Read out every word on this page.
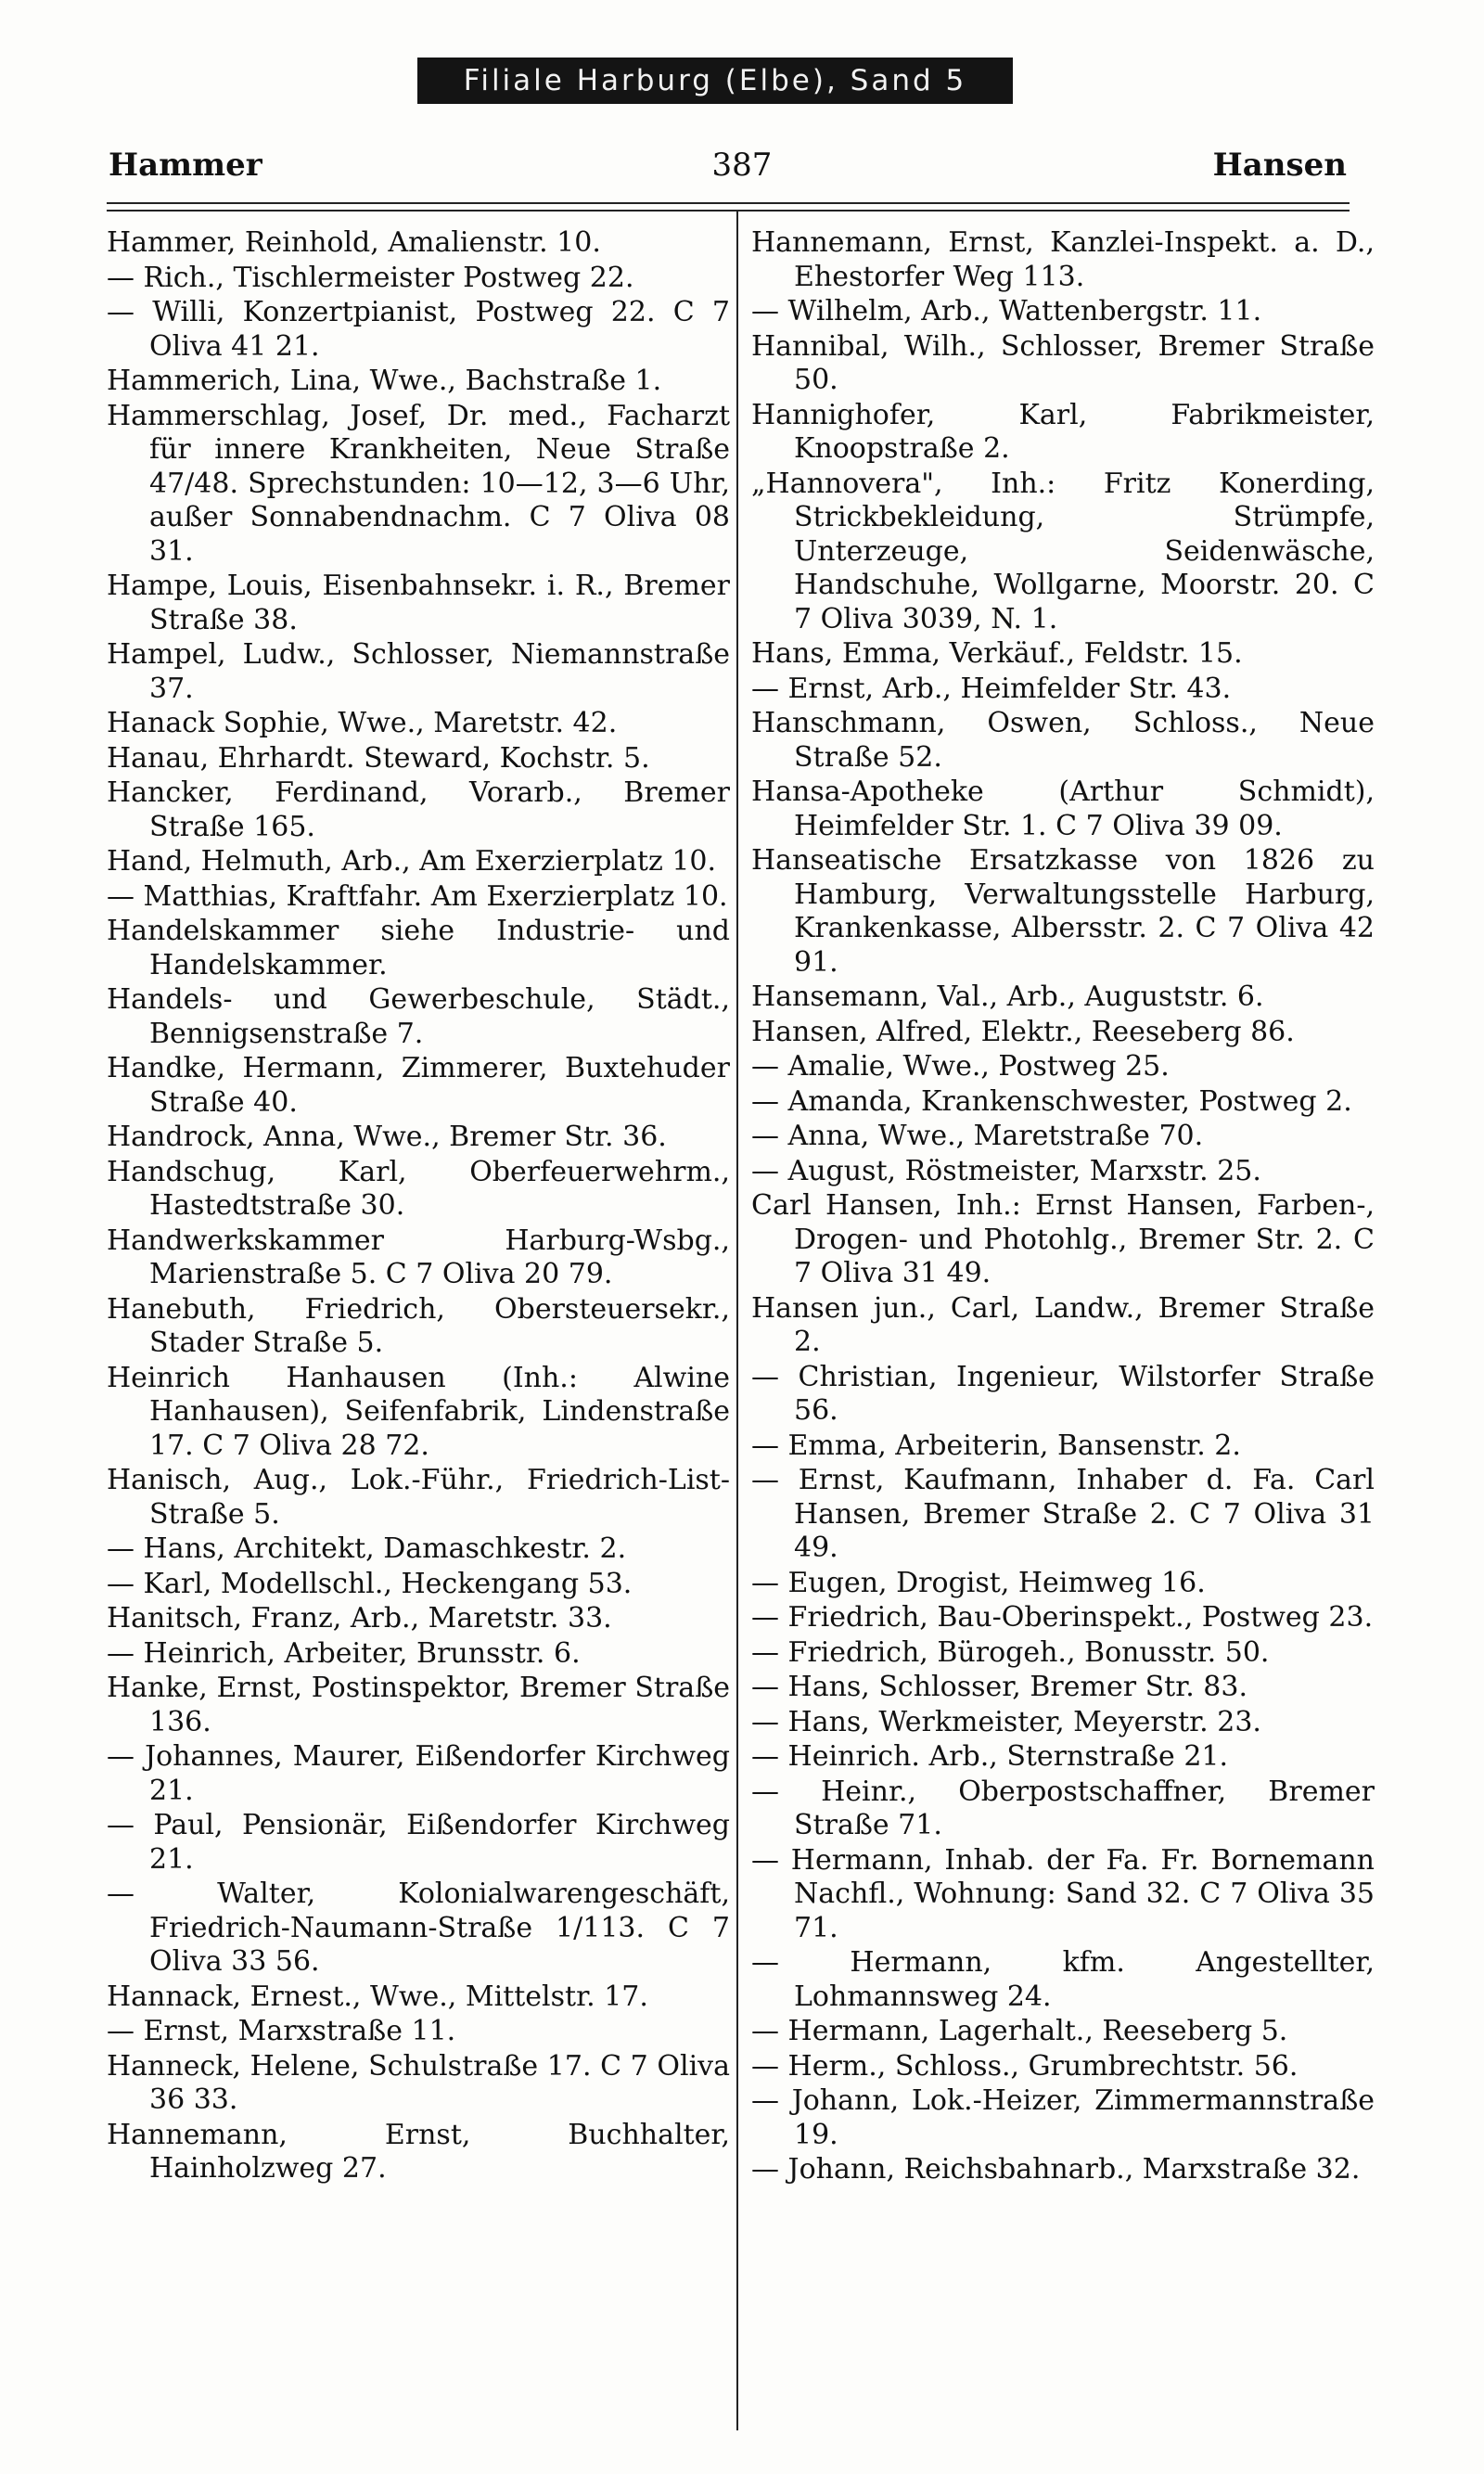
Filiale Harburg (Elbe), Sand 5
Hammer	387	Hansen
Hammer, Reinhold, Amalienstr. 10.
— Rich., Tischlermeister Postweg 22.
— Willi, Konzertpianist, Postweg 22. C 7 Oliva 41 21.
Hammerich, Lina, Wwe., Bachstraße 1.
Hammerschlag, Josef, Dr. med., Facharzt für innere Krankheiten, Neue Straße 47/48. Sprechstunden: 10—12, 3—6 Uhr, außer Sonnabendnachm. C 7 Oliva 08 31.
Hampe, Louis, Eisenbahnsekr. i. R., Bremer Straße 38.
Hampel, Ludw., Schlosser, Niemannstraße 37.
Hanack Sophie, Wwe., Maretstr. 42.
Hanau, Ehrhardt. Steward, Kochstr. 5.
Hancker, Ferdinand, Vorarb., Bremer Straße 165.
Hand, Helmuth, Arb., Am Exerzierplatz 10.
— Matthias, Kraftfahr. Am Exerzierplatz 10.
Handelskammer siehe Industrie- und Handelskammer.
Handels- und Gewerbeschule, Städt., Bennigsenstraße 7.
Handke, Hermann, Zimmerer, Buxtehuder Straße 40.
Handrock, Anna, Wwe., Bremer Str. 36.
Handschug, Karl, Oberfeuerwehrm., Hastedtstraße 30.
Handwerkskammer Harburg-Wsbg., Marienstraße 5. C 7 Oliva 20 79.
Hanebuth, Friedrich, Obersteuersekr., Stader Straße 5.
Heinrich Hanhausen (Inh.: Alwine Hanhausen), Seifenfabrik, Lindenstraße 17. C 7 Oliva 28 72.
Hanisch, Aug., Lok.-Führ., Friedrich-List-Straße 5.
— Hans, Architekt, Damaschkestr. 2.
— Karl, Modellschl., Heckengang 53.
Hanitsch, Franz, Arb., Maretstr. 33.
— Heinrich, Arbeiter, Brunsstr. 6.
Hanke, Ernst, Postinspektor, Bremer Straße 136.
— Johannes, Maurer, Eißendorfer Kirchweg 21.
— Paul, Pensionär, Eißendorfer Kirchweg 21.
— Walter, Kolonialwarengeschäft, Friedrich-Naumann-Straße 1/113. C 7 Oliva 33 56.
Hannack, Ernest., Wwe., Mittelstr. 17.
— Ernst, Marxstraße 11.
Hanneck, Helene, Schulstraße 17. C 7 Oliva 36 33.
Hannemann, Ernst, Buchhalter, Hainholzweg 27.
Hannemann, Ernst, Kanzlei-Inspekt. a. D., Ehestorfer Weg 113.
— Wilhelm, Arb., Wattenbergstr. 11.
Hannibal, Wilh., Schlosser, Bremer Straße 50.
Hannighofer, Karl, Fabrikmeister, Knoopstraße 2.
„Hannovera", Inh.: Fritz Konerding, Strickbekleidung, Strümpfe, Unterzeuge, Seidenwäsche, Handschuhe, Wollgarne, Moorstr. 20. C 7 Oliva 3039, N. 1.
Hans, Emma, Verkäuf., Feldstr. 15.
— Ernst, Arb., Heimfelder Str. 43.
Hanschmann, Oswen, Schloss., Neue Straße 52.
Hansa-Apotheke (Arthur Schmidt), Heimfelder Str. 1. C 7 Oliva 39 09.
Hanseatische Ersatzkasse von 1826 zu Hamburg, Verwaltungsstelle Harburg, Krankenkasse, Albersstr. 2. C 7 Oliva 42 91.
Hansemann, Val., Arb., Auguststr. 6.
Hansen, Alfred, Elektr., Reeseberg 86.
— Amalie, Wwe., Postweg 25.
— Amanda, Krankenschwester, Postweg 2.
— Anna, Wwe., Maretstraße 70.
— August, Röstmeister, Marxstr. 25.
Carl Hansen, Inh.: Ernst Hansen, Farben-, Drogen- und Photohlg., Bremer Str. 2. C 7 Oliva 31 49.
Hansen jun., Carl, Landw., Bremer Straße 2.
— Christian, Ingenieur, Wilstorfer Straße 56.
— Emma, Arbeiterin, Bansenstr. 2.
— Ernst, Kaufmann, Inhaber d. Fa. Carl Hansen, Bremer Straße 2. C 7 Oliva 31 49.
— Eugen, Drogist, Heimweg 16.
— Friedrich, Bau-Oberinspekt., Postweg 23.
— Friedrich, Bürogeh., Bonusstr. 50.
— Hans, Schlosser, Bremer Str. 83.
— Hans, Werkmeister, Meyerstr. 23.
— Heinrich. Arb., Sternstraße 21.
— Heinr., Oberpostschaffner, Bremer Straße 71.
— Hermann, Inhab. der Fa. Fr. Bornemann Nachfl., Wohnung: Sand 32. C 7 Oliva 35 71.
— Hermann, kfm. Angestellter, Lohmannsweg 24.
— Hermann, Lagerhalt., Reeseberg 5.
— Herm., Schloss., Grumbrechtstr. 56.
— Johann, Lok.-Heizer, Zimmermannstraße 19.
— Johann, Reichsbahnarb., Marxstraße 32.
